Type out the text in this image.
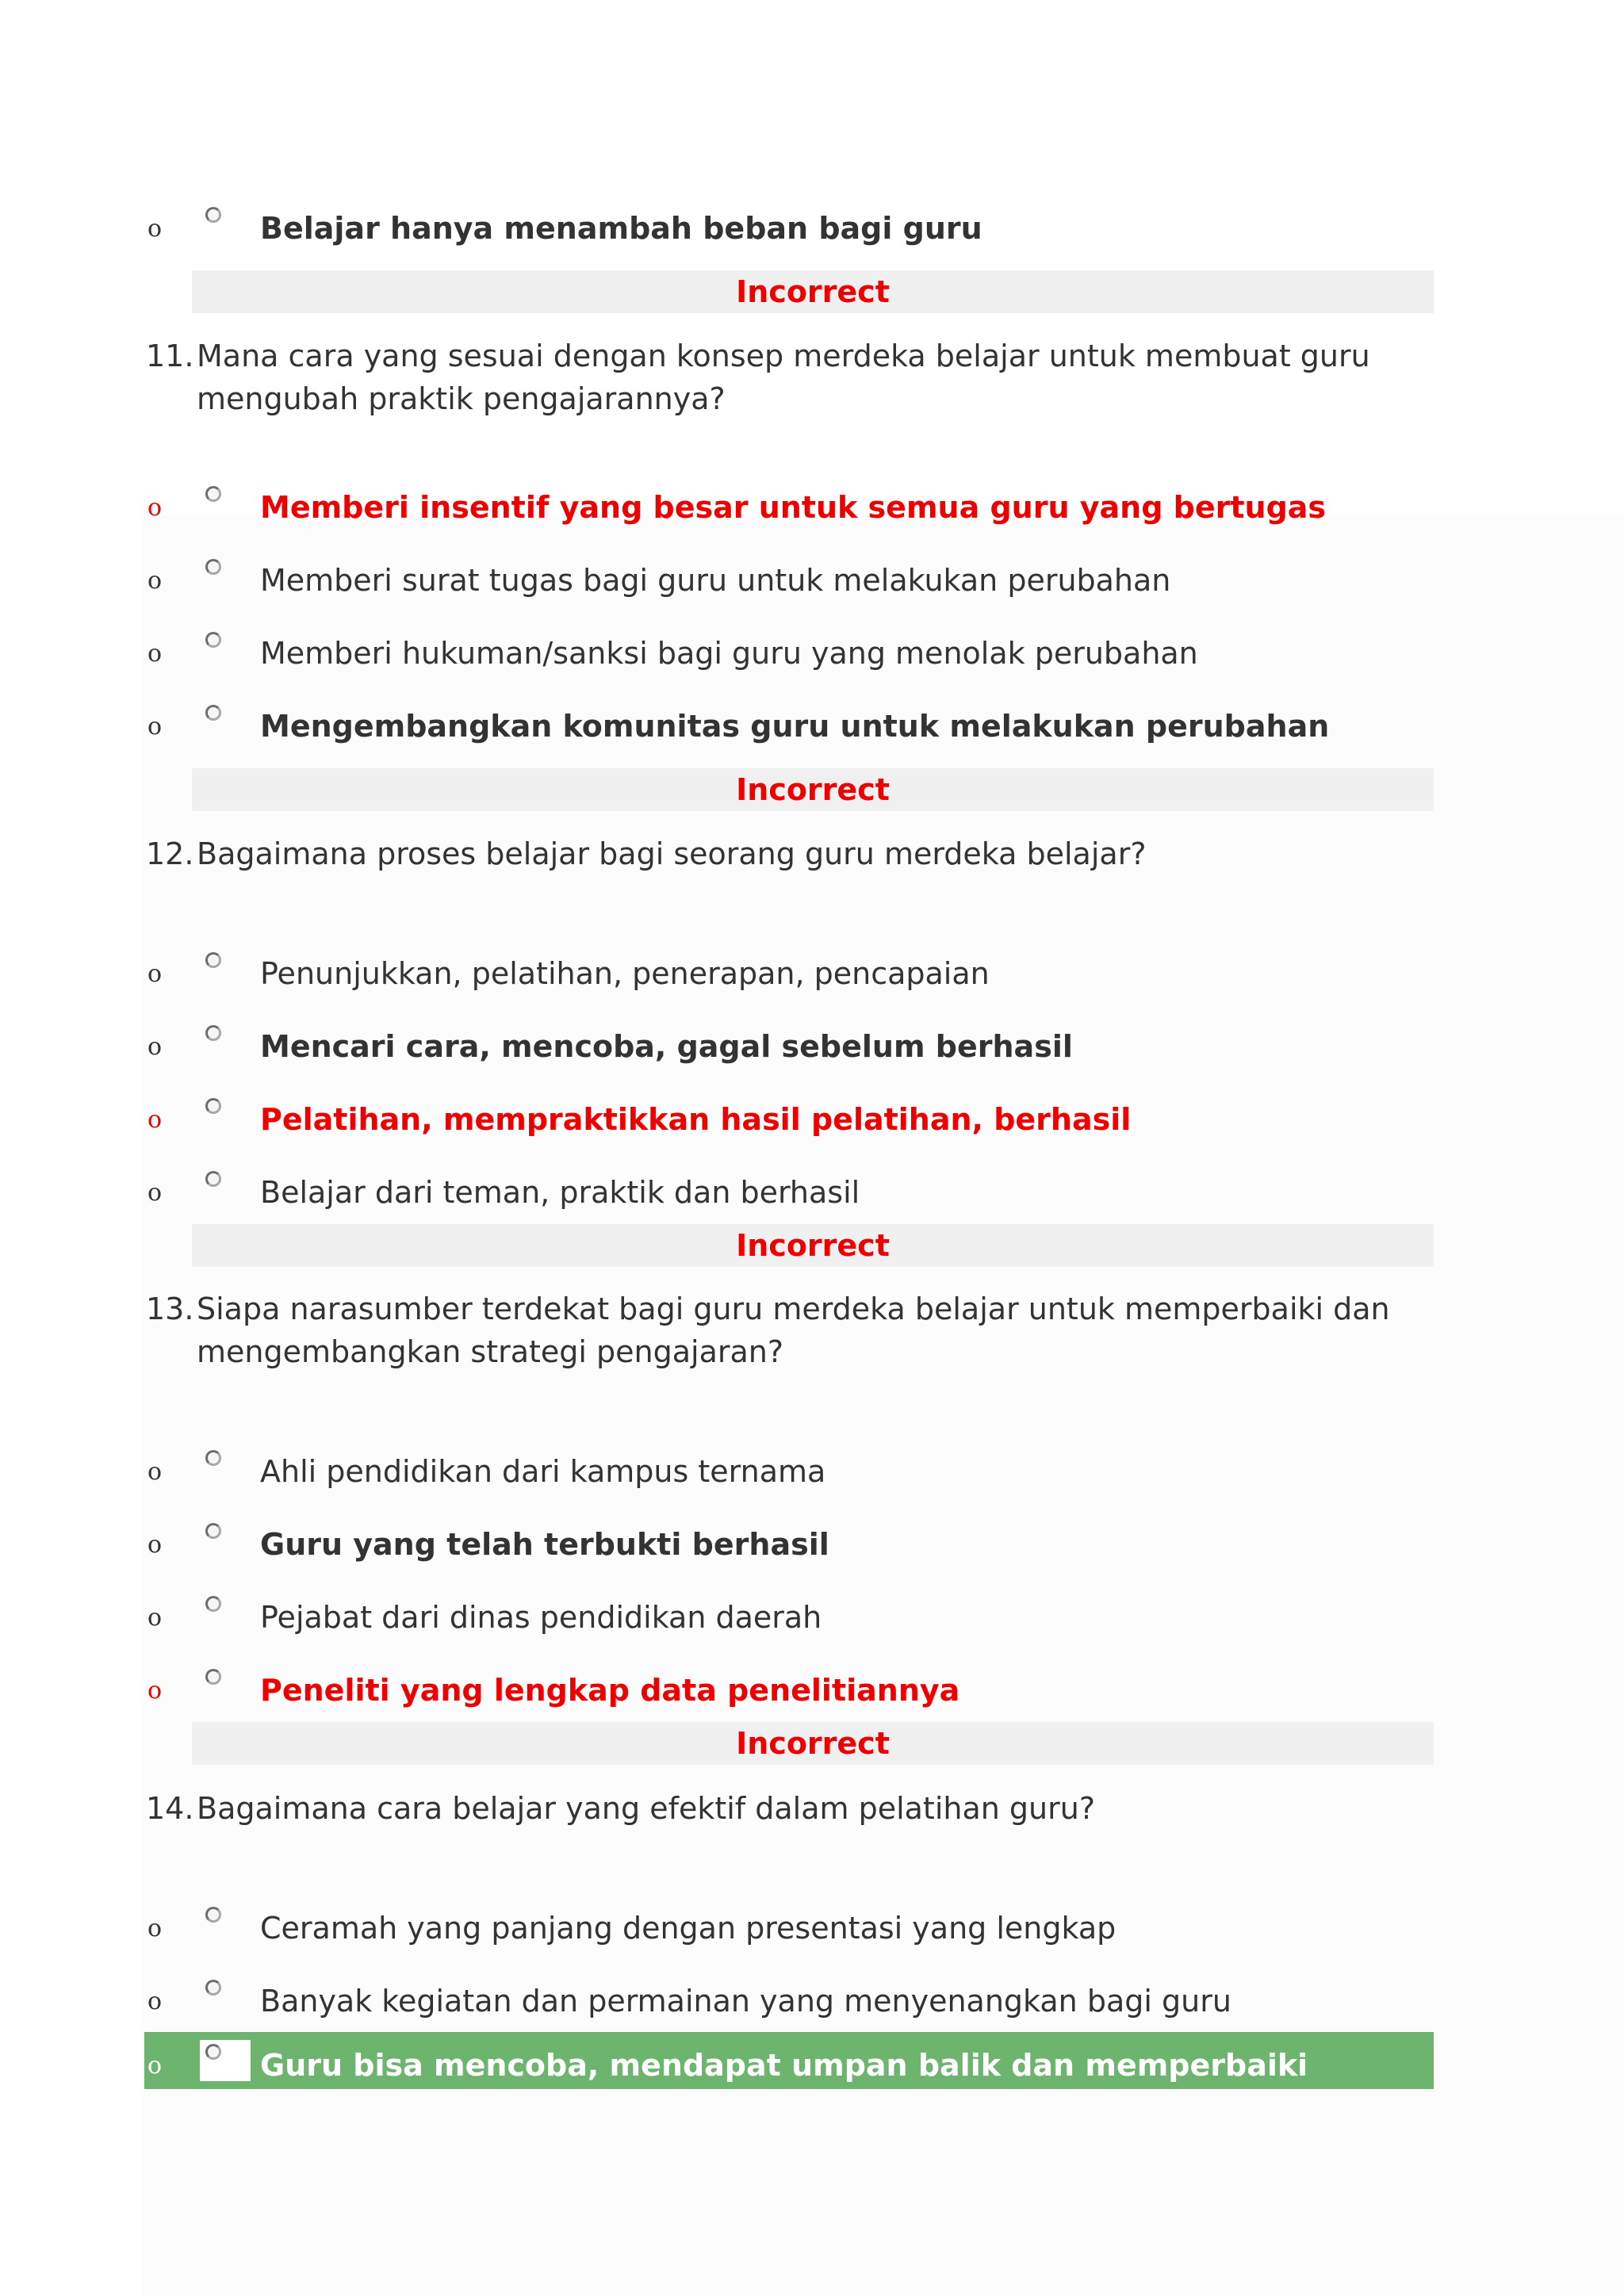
o	Belajar hanya menambah beban bagi guru
Incorrect
11. Mana cara yang sesuai dengan konsep merdeka belajar untuk membuat guru mengubah praktik pengajarannya?
o	Memberi insentif yang besar untuk semua guru yang bertugas
o	Memberi surat tugas bagi guru untuk melakukan perubahan
o	Memberi hukuman/sanksi bagi guru yang menolak perubahan
o	Mengembangkan komunitas guru untuk melakukan perubahan
Incorrect
12. Bagaimana proses belajar bagi seorang guru merdeka belajar?
o	Penunjukkan, pelatihan, penerapan, pencapaian
o	Mencari cara, mencoba, gagal sebelum berhasil
o	Pelatihan, mempraktikkan hasil pelatihan, berhasil
o	Belajar dari teman, praktik dan berhasil
Incorrect
13. Siapa narasumber terdekat bagi guru merdeka belajar untuk memperbaiki dan mengembangkan strategi pengajaran?
o	Ahli pendidikan dari kampus ternama
o	Guru yang telah terbukti berhasil
o	Pejabat dari dinas pendidikan daerah
o	Peneliti yang lengkap data penelitiannya
Incorrect
14. Bagaimana cara belajar yang efektif dalam pelatihan guru?
o	Ceramah yang panjang dengan presentasi yang lengkap
o	Banyak kegiatan dan permainan yang menyenangkan bagi guru
o	Guru bisa mencoba, mendapat umpan balik dan memperbaiki
